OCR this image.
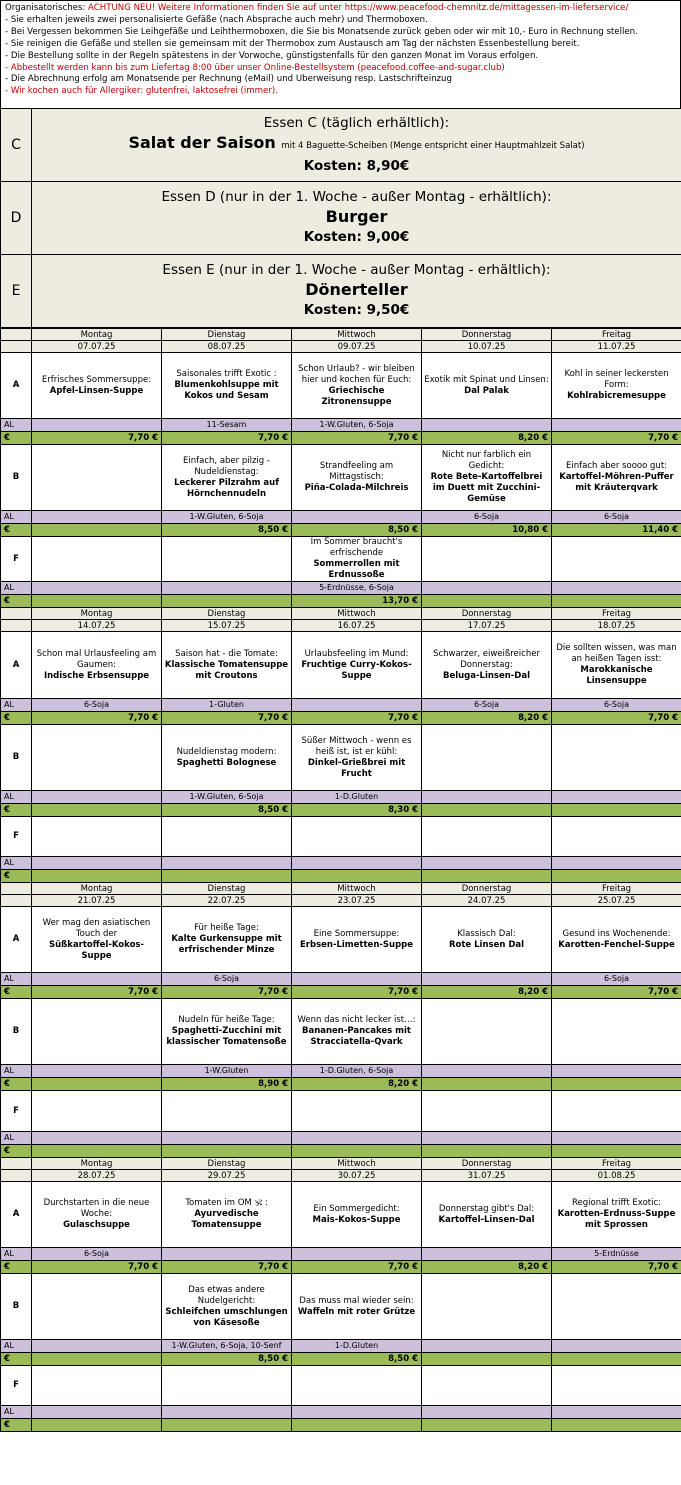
Organisatorisches: ACHTUNG NEU! Weitere Informationen finden Sie auf unter https://www.peacefood-chemnitz.de/mittagessen-im-lieferservice/
- Sie erhalten jeweils zwei personalisierte Gefäße (nach Absprache auch mehr) und Thermoboxen.
- Bei Vergessen bekommen Sie Leihgefäße und Leihthermoboxen, die Sie bis Monatsende zurück geben oder wir mit 10,- Euro in Rechnung stellen.
- Sie reinigen die Gefäße und stellen sie gemeinsam mit der Thermobox zum Austausch am Tag der nächsten Essenbestellung bereit.
- Die Bestellung sollte in der Regeln spätestens in der Vorwoche, günstigstenfalls für den ganzen Monat im Voraus erfolgen.
- Abbestellt werden kann bis zum Liefertag 8:00 über unser Online-Bestellsystem (peacefood.coffee-and-sugar.club)
- Die Abrechnung erfolg am Monatsende per Rechnung (eMail) und Überweisung resp. Lastschrifteinzug
- Wir kochen auch für Allergiker: glutenfrei, laktosefrei (immer).
C	Essen C (täglich erhältlich):
Salat der Saison mit 4 Baguette-Scheiben (Menge entspricht einer Hauptmahlzeit Salat)
Kosten: 8,90€

D	Essen D (nur in der 1. Woche - außer Montag - erhältlich):
Burger
Kosten: 9,00€

E	Essen E (nur in der 1. Woche - außer Montag - erhältlich):
Dönerteller
Kosten: 9,50€
	Montag	Dienstag	Mittwoch	Donnerstag	Freitag
	07.07.25	08.07.25	09.07.25	10.07.25	11.07.25
A	Erfrisches Sommersuppe:
Apfel-Linsen-Suppe	Saisonales trifft Exotic :
Blumenkohlsuppe mit Kokos und Sesam	Schon Urlaub? - wir bleiben hier und kochen für Euch:
Griechische Zitronensuppe	Exotik mit Spinat und Linsen:
Dal Palak	Kohl in seiner leckersten Form:
Kohlrabicremesuppe

AL		11-Sesam	1-W.Gluten, 6-Soja		
€	7,70 €	7,70 €	7,70 €	8,20 €	7,70 €
B		Einfach, aber pilzig - Nudeldienstag:
Leckerer Pilzrahm auf Hörnchennudeln	Strandfeeling am Mittagstisch:
Piña-Colada-Milchreis	Nicht nur farblich ein Gedicht:
Rote Bete-Kartoffelbrei im Duett mit Zucchini-Gemüse	Einfach aber soooo gut:
Kartoffel-Möhren-Puffer mit Kräuterqvark

AL		1-W.Gluten, 6-Soja		6-Soja	6-Soja
€		8,50 €	8,50 €	10,80 €	11,40 €
F			Im Sommer braucht's erfrischende
Sommerrollen mit Erdnussoße		

AL			5-Erdnüsse, 6-Soja		
€			13,70 €		
	Montag	Dienstag	Mittwoch	Donnerstag	Freitag
	14.07.25	15.07.25	16.07.25	17.07.25	18.07.25
A	Schon mal Urlausfeeling am Gaumen:
Indische Erbsensuppe	Saison hat - die Tomate:
Klassische Tomatensuppe mit Croutons	Urlaubsfeeling im Mund:
Fruchtige Curry-Kokos-Suppe	Schwarzer, eiweißreicher Donnerstag:
Beluga-Linsen-Dal	Die sollten wissen, was man an heißen Tagen isst:
Marokkanische Linsensuppe

AL	6-Soja	1-Gluten		6-Soja	6-Soja
€	7,70 €	7,70 €	7,70 €	8,20 €	7,70 €
B		Nudeldienstag modern:
Spaghetti Bolognese	Süßer Mittwoch - wenn es heiß ist, ist er kühl:
Dinkel-Grießbrei mit Frucht		

AL		1-W.Gluten, 6-Soja	1-D.Gluten		
€		8,50 €	8,30 €		
F					
AL					
€					
	Montag	Dienstag	Mittwoch	Donnerstag	Freitag
	21.07.25	22.07.25	23.07.25	24.07.25	25.07.25
A	Wer mag den asiatischen Touch der
Süßkartoffel-Kokos-Suppe	Für heiße Tage:
Kalte Gurkensuppe mit erfrischender Minze	Eine Sommersuppe:
Erbsen-Limetten-Suppe	Klassisch Dal:
Rote Linsen Dal	Gesund ins Wochenende:
Karotten-Fenchel-Suppe

AL		6-Soja			6-Soja
€	7,70 €	7,70 €	7,70 €	8,20 €	7,70 €
B		Nudeln für heiße Tage:
Spaghetti-Zucchini mit klassischer Tomatensoße	Wenn das nicht lecker ist…:
Bananen-Pancakes mit Stracciatella-Qvark		

AL		1-W.Gluten	1-D.Gluten, 6-Soja		
€		8,90 €	8,20 €		
F					
AL					
€					
	Montag	Dienstag	Mittwoch	Donnerstag	Freitag
	28.07.25	29.07.25	30.07.25	31.07.25	01.08.25
A	Durchstarten in die neue Woche:
Gulaschsuppe	Tomaten im OM 🕉 :
Ayurvedische Tomatensuppe	Ein Sommergedicht:
Mais-Kokos-Suppe	Donnerstag gibt's Dal:
Kartoffel-Linsen-Dal	Regional trifft Exotic:
Karotten-Erdnuss-Suppe mit Sprossen

AL	6-Soja				5-Erdnüsse
€	7,70 €	7,70 €	7,70 €	8,20 €	7,70 €
B		Das etwas andere Nudelgericht:
Schleifchen umschlungen von Käsesoße	Das muss mal wieder sein:
Waffeln mit roter Grütze		

AL		1-W.Gluten, 6-Soja, 10-Senf	1-D.Gluten		
€		8,50 €	8,50 €		
F					
AL					
€					
